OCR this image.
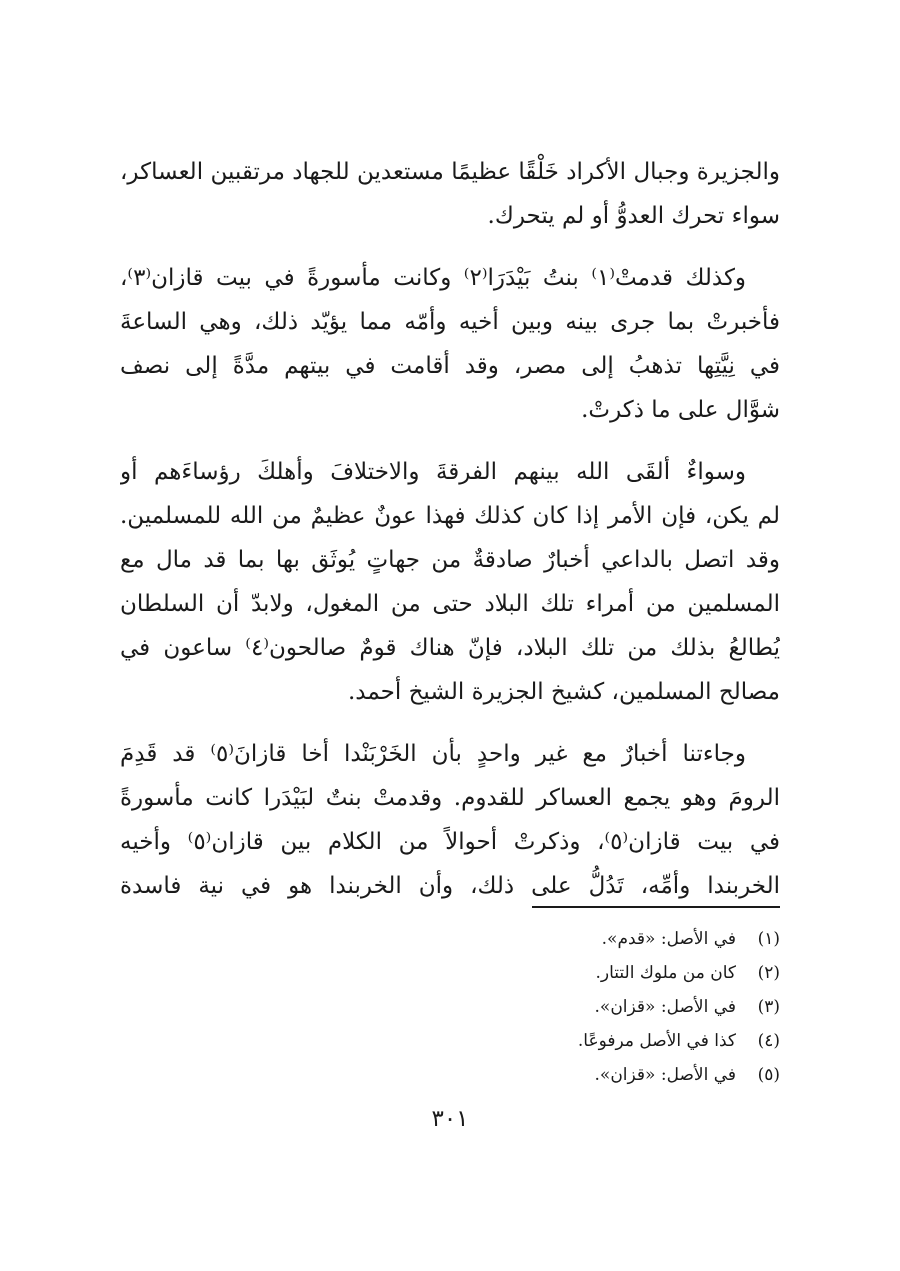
والجزيرة وجبال الأكراد خَلْقًا عظيمًا مستعدين للجهاد مرتقبين العساكر،
سواء تحرك العدوُّ أو لم يتحرك.
وكذلك قدمتْ⁽١⁾ بنتُ بَيْدَرَا⁽٢⁾ وكانت مأسورةً في بيت قازان⁽٣⁾،
فأخبرتْ بما جرى بينه وبين أخيه وأمّه مما يؤيّد ذلك، وهي الساعةَ
في نِيَّتِها تذهبُ إلى مصر، وقد أقامت في بيتهم مدَّةً إلى نصف
شوَّال على ما ذكرتْ.
وسواءٌ ألقَى الله بينهم الفرقةَ والاختلافَ وأهلكَ رؤساءَهم أو
لم يكن، فإن الأمر إذا كان كذلك فهذا عونٌ عظيمٌ من الله للمسلمين.
وقد اتصل بالداعي أخبارٌ صادقةٌ من جهاتٍ يُوثَق بها بما قد مال مع
المسلمين من أمراء تلك البلاد حتى من المغول، ولابدّ أن السلطان
يُطالعُ بذلك من تلك البلاد، فإنّ هناك قومٌ صالحون⁽٤⁾ ساعون في
مصالح المسلمين، كشيخ الجزيرة الشيخ أحمد.
وجاءتنا أخبارٌ مع غير واحدٍ بأن الخَرْبَنْدا أخا قازانَ⁽٥⁾ قد قَدِمَ
الرومَ وهو يجمع العساكر للقدوم. وقدمتْ بنتٌ لبَيْدَرا كانت مأسورةً
في بيت قازان⁽٥⁾، وذكرتْ أحوالاً من الكلام بين قازان⁽٥⁾ وأخيه
الخربندا وأمِّه، تَدُلُّ على ذلك، وأن الخربندا هو في نية فاسدة
(١)
في الأصل: «قدم».
(٢)
كان من ملوك التتار.
(٣)
في الأصل: «قزان».
(٤)
كذا في الأصل مرفوعًا.
(٥)
في الأصل: «قزان».
٣٠١
